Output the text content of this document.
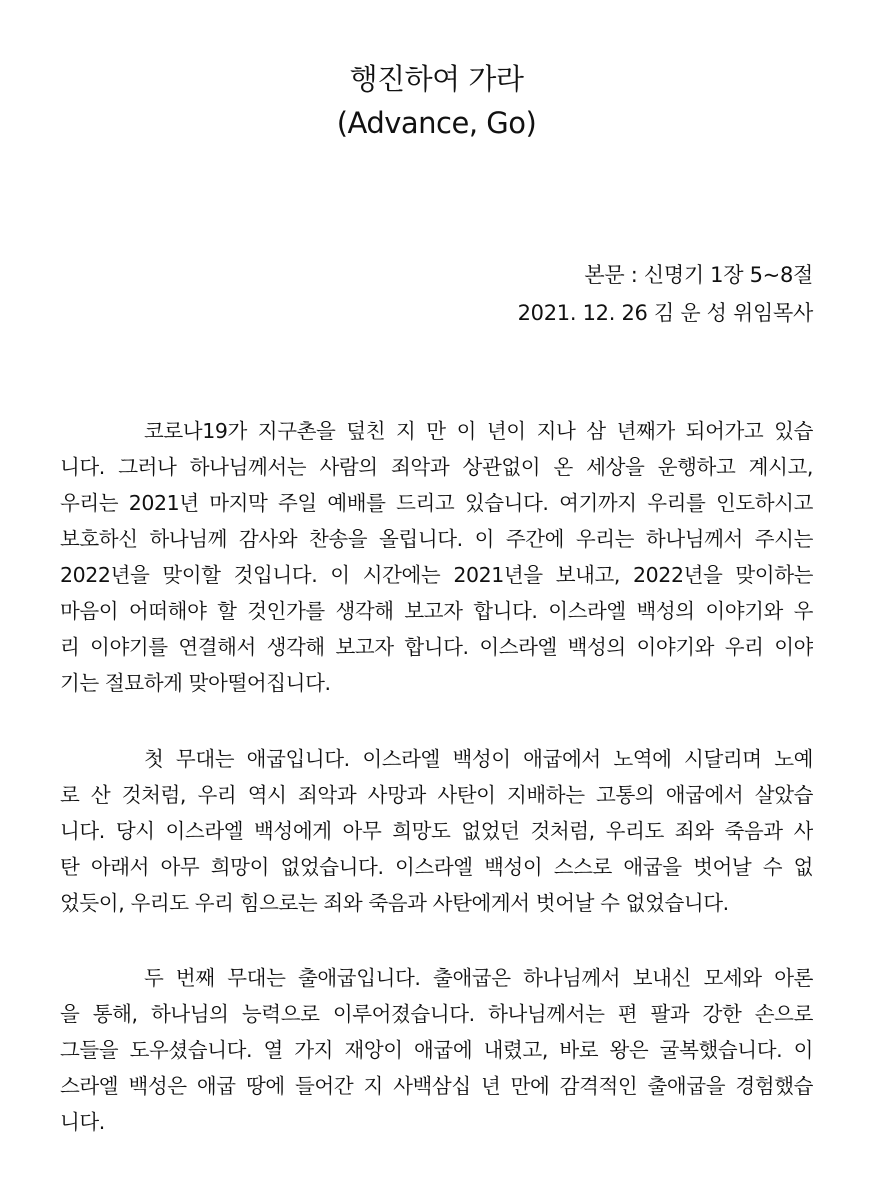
행진하여 가라
(Advance, Go)
본문 : 신명기 1장 5~8절
2021. 12. 26 김 운 성 위임목사
코로나19가 지구촌을 덮친 지 만 이 년이 지나 삼 년째가 되어가고 있습
니다. 그러나 하나님께서는 사람의 죄악과 상관없이 온 세상을 운행하고 계시고,
우리는 2021년 마지막 주일 예배를 드리고 있습니다. 여기까지 우리를 인도하시고
보호하신 하나님께 감사와 찬송을 올립니다. 이 주간에 우리는 하나님께서 주시는
2022년을 맞이할 것입니다. 이 시간에는 2021년을 보내고, 2022년을 맞이하는
마음이 어떠해야 할 것인가를 생각해 보고자 합니다. 이스라엘 백성의 이야기와 우
리 이야기를 연결해서 생각해 보고자 합니다. 이스라엘 백성의 이야기와 우리 이야
기는 절묘하게 맞아떨어집니다.
첫 무대는 애굽입니다. 이스라엘 백성이 애굽에서 노역에 시달리며 노예
로 산 것처럼, 우리 역시 죄악과 사망과 사탄이 지배하는 고통의 애굽에서 살았습
니다. 당시 이스라엘 백성에게 아무 희망도 없었던 것처럼, 우리도 죄와 죽음과 사
탄 아래서 아무 희망이 없었습니다. 이스라엘 백성이 스스로 애굽을 벗어날 수 없
었듯이, 우리도 우리 힘으로는 죄와 죽음과 사탄에게서 벗어날 수 없었습니다.
두 번째 무대는 출애굽입니다. 출애굽은 하나님께서 보내신 모세와 아론
을 통해, 하나님의 능력으로 이루어졌습니다. 하나님께서는 편 팔과 강한 손으로
그들을 도우셨습니다. 열 가지 재앙이 애굽에 내렸고, 바로 왕은 굴복했습니다. 이
스라엘 백성은 애굽 땅에 들어간 지 사백삼십 년 만에 감격적인 출애굽을 경험했습
니다.
